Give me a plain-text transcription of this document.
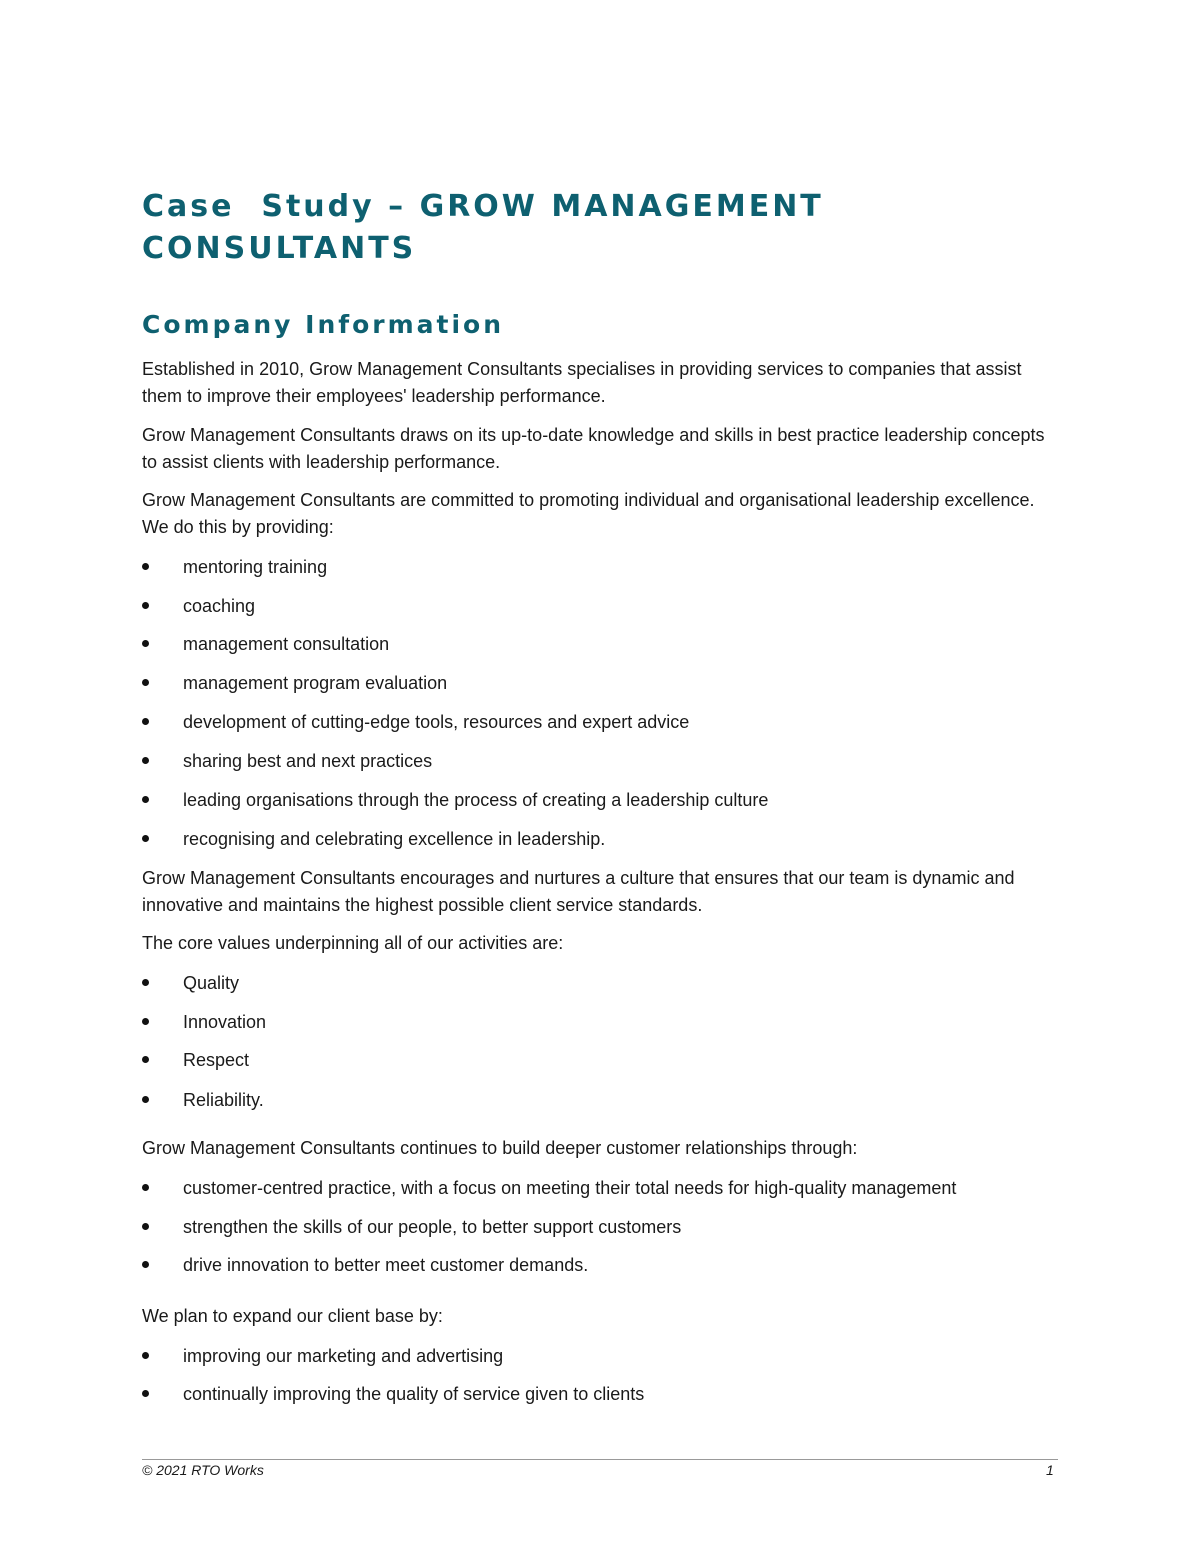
Case  Study – GROW MANAGEMENT
CONSULTANTS
Company Information

Established in 2010, Grow Management Consultants specialises in providing services to companies that assist them to improve their employees' leadership performance.

Grow Management Consultants draws on its up-to-date knowledge and skills in best practice leadership concepts to assist clients with leadership performance.

Grow Management Consultants are committed to promoting individual and organisational leadership excellence. We do this by providing:

mentoring training
coaching
management consultation
management program evaluation
development of cutting-edge tools, resources and expert advice
sharing best and next practices
leading organisations through the process of creating a leadership culture
recognising and celebrating excellence in leadership.

Grow Management Consultants encourages and nurtures a culture that ensures that our team is dynamic and innovative and maintains the highest possible client service standards.

The core values underpinning all of our activities are:

Quality
Innovation
Respect
Reliability.

Grow Management Consultants continues to build deeper customer relationships through:

customer-centred practice, with a focus on meeting their total needs for high-quality management
strengthen the skills of our people, to better support customers
drive innovation to better meet customer demands.

We plan to expand our client base by:

improving our marketing and advertising
continually improving the quality of service given to clients
© 2021 RTO Works	1
